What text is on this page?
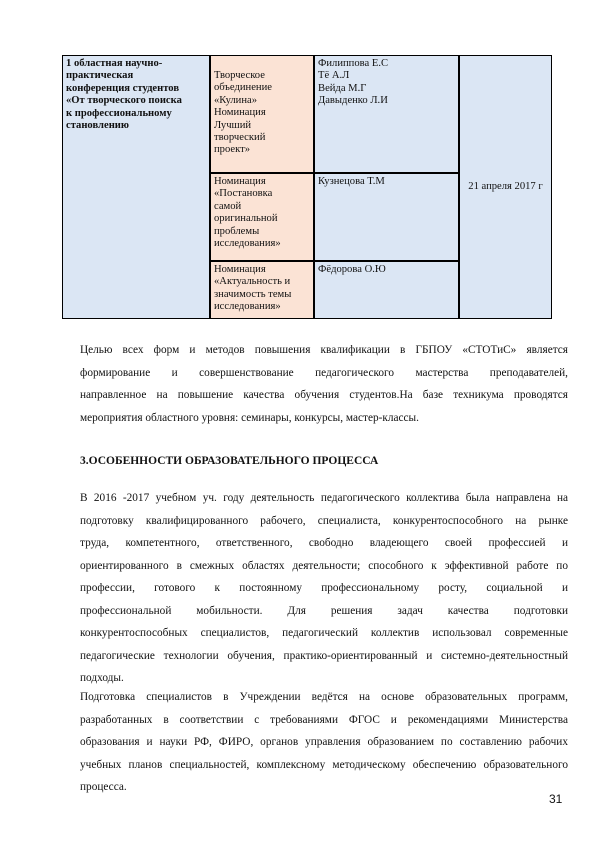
1 областная научно-
практическая
конференция студентов
«От творческого поиска
к профессиональному
становлению
Творческое
объединение
«Кулина»
Номинация
Лучший
творческий
проект»
Филиппова Е.С
Тё А.Л
Вейда М.Г
Давыденко Л.И
Номинация
«Постановка
самой
оригинальной
проблемы
исследования»
Кузнецова Т.М
Номинация
«Актуальность и
значимость темы
исследования»
Фёдорова О.Ю
21 апреля 2017 г
Целью всех форм и методов повышения квалификации в ГБПОУ «СТОТиС» является
формирование и совершенствование педагогического мастерства преподавателей,
направленное на повышение качества обучения студентов.На базе техникума проводятся
мероприятия областного уровня: семинары, конкурсы, мастер-классы.
3.ОСОБЕННОСТИ ОБРАЗОВАТЕЛЬНОГО ПРОЦЕССА
В 2016 -2017 учебном уч. году деятельность педагогического коллектива была направлена на
подготовку квалифицированного рабочего, специалиста, конкурентоспособного на рынке
труда, компетентного, ответственного, свободно владеющего своей профессией и
ориентированного в смежных областях деятельности; способного к эффективной работе по
профессии, готового к постоянному профессиональному росту, социальной и
профессиональной мобильности. Для решения задач качества подготовки
конкурентоспособных специалистов, педагогический коллектив использовал современные
педагогические технологии обучения, практико-ориентированный и системно-деятельностный
подходы.
Подготовка специалистов в Учреждении ведётся на основе образовательных программ,
разработанных в соответствии с требованиями ФГОС и рекомендациями Министерства
образования и науки РФ, ФИРО, органов управления образованием по составлению рабочих
учебных планов специальностей, комплексному методическому обеспечению образовательного
процесса.
31
